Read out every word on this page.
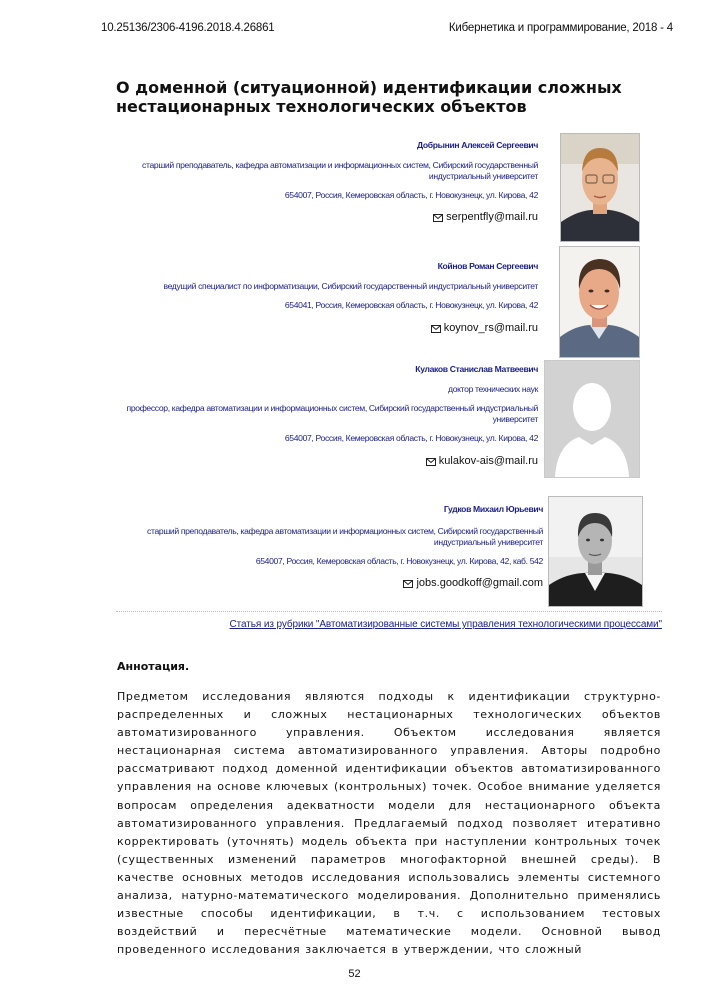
10.25136/2306-4196.2018.4.26861	Кибернетика и программирование, 2018 - 4
О доменной (ситуационной) идентификации сложных нестационарных технологических объектов
Добрынин Алексей Сергеевич
старший преподаватель, кафедра автоматизации и информационных систем, Сибирский государственный индустриальный университет
654007, Россия, Кемеровская область, г. Новокузнецк, ул. Кирова, 42
serpentfly@mail.ru
Койнов Роман Сергеевич
ведущий специалист по информатизации, Сибирский государственный индустриальный университет
654041, Россия, Кемеровская область, г. Новокузнецк, ул. Кирова, 42
koynov_rs@mail.ru
Кулаков Станислав Матвеевич
доктор технических наук
профессор, кафедра автоматизации и информационных систем, Сибирский государственный индустриальный университет
654007, Россия, Кемеровская область, г. Новокузнецк, ул. Кирова, 42
kulakov-ais@mail.ru
Гудков Михаил Юрьевич
старший преподаватель, кафедра автоматизации и информационных систем, Сибирский государственный индустриальный университет
654007, Россия, Кемеровская область, г. Новокузнецк, ул. Кирова, 42, каб. 542
jobs.goodkoff@gmail.com
Статья из рубрики "Автоматизированные системы управления технологическими процессами"
Аннотация.
Предметом исследования являются подходы к идентификации структурно-распределенных и сложных нестационарных технологических объектов автоматизированного управления. Объектом исследования является нестационарная система автоматизированного управления. Авторы подробно рассматривают подход доменной идентификации объектов автоматизированного управления на основе ключевых (контрольных) точек. Особое внимание уделяется вопросам определения адекватности модели для нестационарного объекта автоматизированного управления. Предлагаемый подход позволяет итеративно корректировать (уточнять) модель объекта при наступлении контрольных точек (существенных изменений параметров многофакторной внешней среды). В качестве основных методов исследования использовались элементы системного анализа, натурно-математического моделирования. Дополнительно применялись известные способы идентификации, в т.ч. с использованием тестовых воздействий и пересчётные математические модели. Основной вывод проведенного исследования заключается в утверждении, что сложный
52
